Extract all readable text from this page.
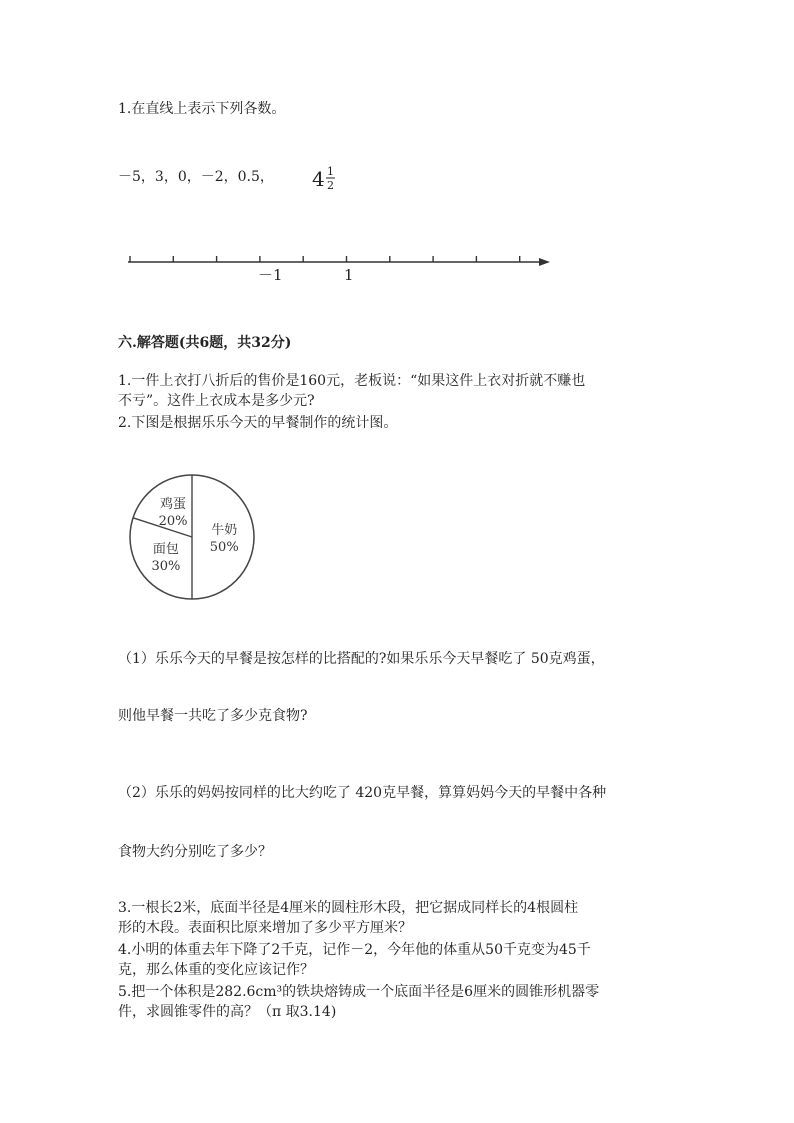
1.在直线上表示下列各数。
－5，3，0，－2，0.5， 4 1
2
－1	1
六.解答题(共6题，共32分)
1.一件上衣打八折后的售价是160元，老板说：“如果这件上衣对折就不赚也
不亏”。这件上衣成本是多少元?
2.下图是根据乐乐今天的早餐制作的统计图。
牛奶
50%
面包
30%
鸡蛋
20%
（1）乐乐今天的早餐是按怎样的比搭配的?如果乐乐今天早餐吃了 50克鸡蛋，
则他早餐一共吃了多少克食物?
（2）乐乐的妈妈按同样的比大约吃了 420克早餐，算算妈妈今天的早餐中各种
食物大约分别吃了多少？
3.一根长2米，底面半径是4厘米的圆柱形木段，把它据成同样长的4根圆柱
形的木段。表面积比原来增加了多少平方厘米？
4.小明的体重去年下降了2千克，记作－2，今年他的体重从50千克变为45千
克，那么体重的变化应该记作？
5.把一个体积是282.6cm³的铁块熔铸成一个底面半径是6厘米的圆锥形机器零
件，求圆锥零件的高？（π 取3.14)
